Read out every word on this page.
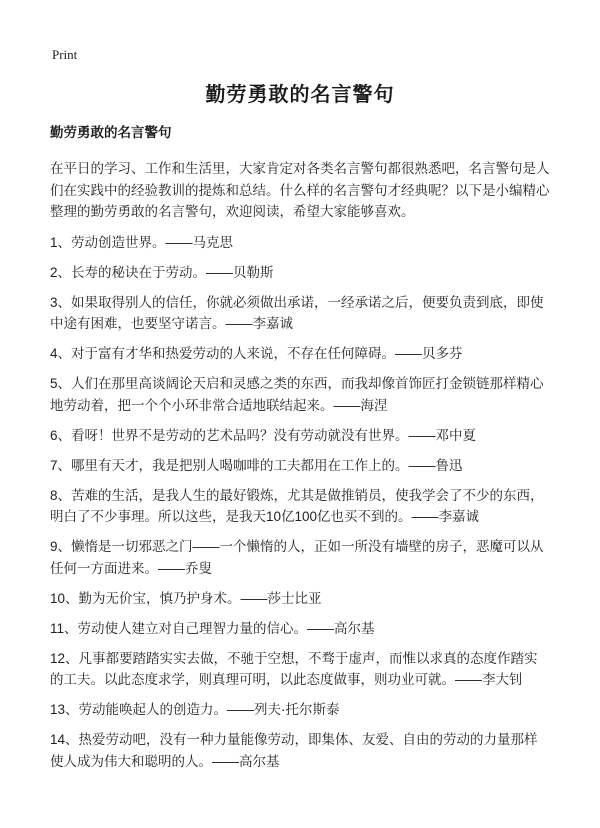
Print
勤劳勇敢的名言警句
勤劳勇敢的名言警句

在平日的学习、工作和生活里，大家肯定对各类名言警句都很熟悉吧，名言警句是人们在实践中的经验教训的提炼和总结。什么样的名言警句才经典呢？以下是小编精心整理的勤劳勇敢的名言警句，欢迎阅读，希望大家能够喜欢。

1、劳动创造世界。——马克思

2、长寿的秘诀在于劳动。——贝勒斯

3、如果取得别人的信任，你就必须做出承诺，一经承诺之后，便要负责到底，即使中途有困难，也要坚守诺言。——李嘉诚

4、对于富有才华和热爱劳动的人来说，不存在任何障碍。——贝多芬

5、人们在那里高谈阔论天启和灵感之类的东西，而我却像首饰匠打金锁链那样精心地劳动着，把一个个小环非常合适地联结起来。——海涅

6、看呀！世界不是劳动的艺术品吗？没有劳动就没有世界。——邓中夏

7、哪里有天才，我是把别人喝咖啡的工夫都用在工作上的。——鲁迅

8、苦难的生活，是我人生的最好锻炼，尤其是做推销员，使我学会了不少的东西，明白了不少事理。所以这些，是我天10亿100亿也买不到的。——李嘉诚

9、懒惰是一切邪恶之门——一个懒惰的人，正如一所没有墙壁的房子，恶魔可以从任何一方面进来。——乔叟

10、勤为无价宝，慎乃护身术。——莎士比亚

11、劳动使人建立对自己理智力量的信心。——高尔基

12、凡事都要踏踏实实去做，不驰于空想，不骛于虚声，而惟以求真的态度作踏实的工夫。以此态度求学，则真理可明，以此态度做事，则功业可就。——李大钊

13、劳动能唤起人的创造力。——列夫·托尔斯泰

14、热爱劳动吧，没有一种力量能像劳动，即集体、友爱、自由的劳动的力量那样使人成为伟大和聪明的人。——高尔基
